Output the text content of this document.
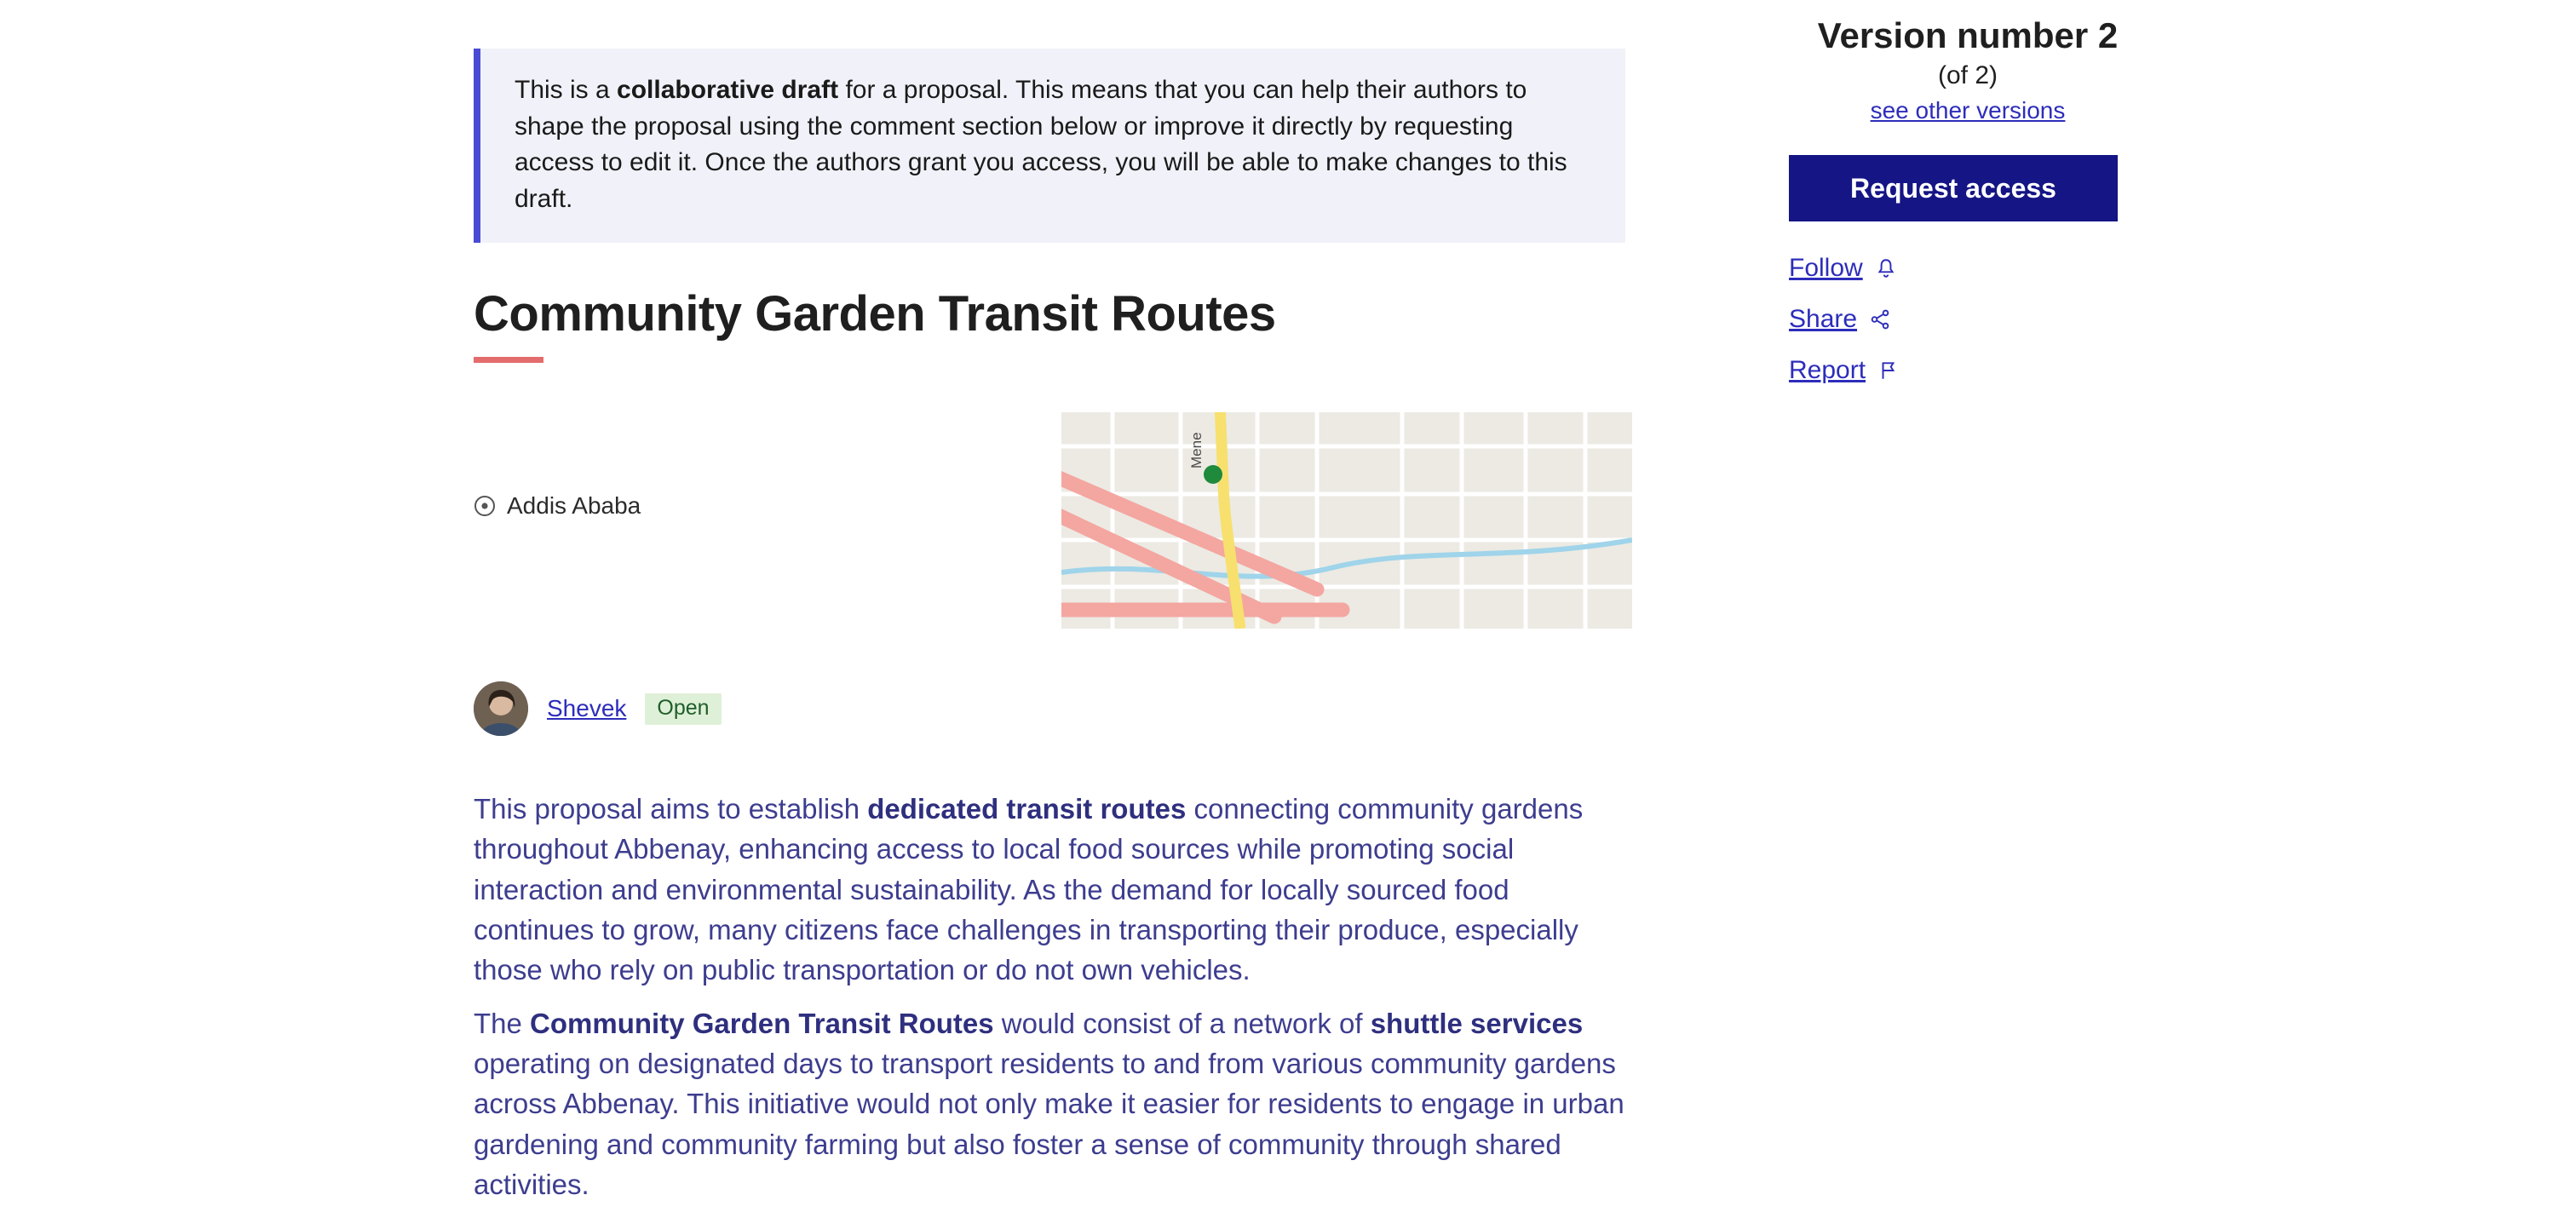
This is a collaborative draft for a proposal. This means that you can help their authors to shape the proposal using the comment section below or improve it directly by requesting access to edit it. Once the authors grant you access, you will be able to make changes to this draft.
Community Garden Transit Routes
Addis Ababa
Mene
Shevek	Open

This proposal aims to establish dedicated transit routes connecting community gardens throughout Abbenay, enhancing access to local food sources while promoting social interaction and environmental sustainability. As the demand for locally sourced food continues to grow, many citizens face challenges in transporting their produce, especially those who rely on public transportation or do not own vehicles.

The Community Garden Transit Routes would consist of a network of shuttle services operating on designated days to transport residents to and from various community gardens across Abbenay. This initiative would not only make it easier for residents to engage in urban gardening and community farming but also foster a sense of community through shared activities.

Version number 2
(of 2)
see other versions
Request access
Follow
Share
Report
